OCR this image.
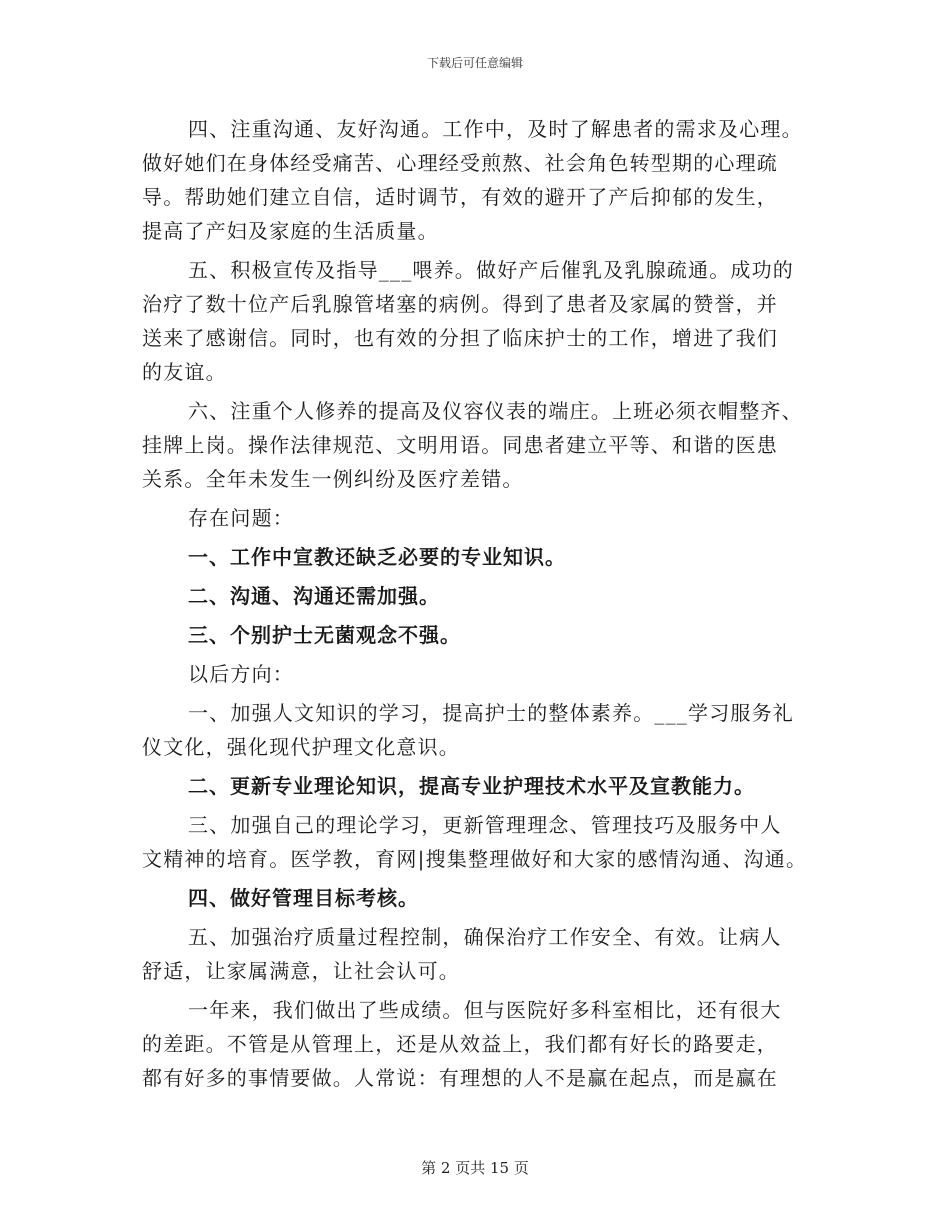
下载后可任意编辑
四、注重沟通、友好沟通。工作中，及时了解患者的需求及心理。
做好她们在身体经受痛苦、心理经受煎熬、社会角色转型期的心理疏
导。帮助她们建立自信，适时调节，有效的避开了产后抑郁的发生，
提高了产妇及家庭的生活质量。
五、积极宣传及指导___喂养。做好产后催乳及乳腺疏通。成功的
治疗了数十位产后乳腺管堵塞的病例。得到了患者及家属的赞誉，并
送来了感谢信。同时，也有效的分担了临床护士的工作，增进了我们
的友谊。
六、注重个人修养的提高及仪容仪表的端庄。上班必须衣帽整齐、
挂牌上岗。操作法律规范、文明用语。同患者建立平等、和谐的医患
关系。全年未发生一例纠纷及医疗差错。
存在问题：
一、工作中宣教还缺乏必要的专业知识。
二、沟通、沟通还需加强。
三、个别护士无菌观念不强。
以后方向：
一、加强人文知识的学习，提高护士的整体素养。___学习服务礼
仪文化，强化现代护理文化意识。
二、更新专业理论知识，提高专业护理技术水平及宣教能力。
三、加强自己的理论学习，更新管理理念、管理技巧及服务中人
文精神的培育。医学教，育网|搜集整理做好和大家的感情沟通、沟通。
四、做好管理目标考核。
五、加强治疗质量过程控制，确保治疗工作安全、有效。让病人
舒适，让家属满意，让社会认可。
一年来，我们做出了些成绩。但与医院好多科室相比，还有很大
的差距。不管是从管理上，还是从效益上，我们都有好长的路要走，
都有好多的事情要做。人常说：有理想的人不是赢在起点，而是赢在
第 2 页共 15 页
